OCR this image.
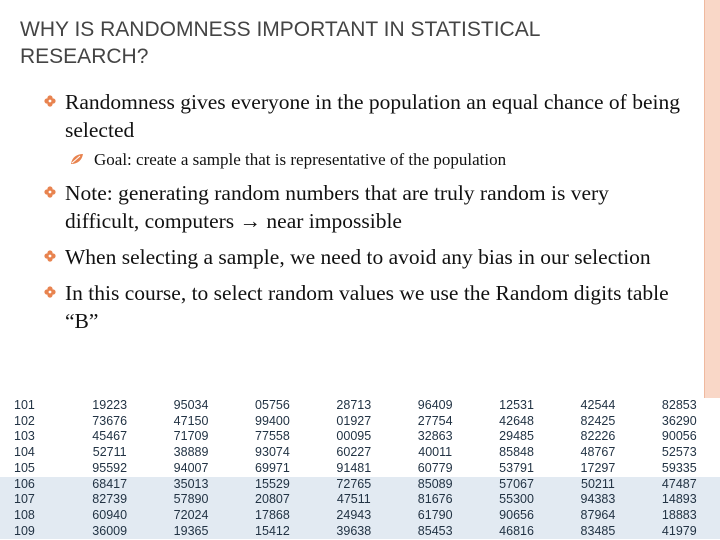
WHY IS RANDOMNESS IMPORTANT IN STATISTICAL
RESEARCH?
Randomness gives everyone in the population an equal chance of being selected
Goal: create a sample that is representative of the population
Note: generating random numbers that are truly random is very difficult, computers → near impossible
When selecting a sample, we need to avoid any bias in our selection
In this course, to select random values we use the Random digits table “B”
101	19223	95034	05756	28713	96409	12531	42544	82853
102	73676	47150	99400	01927	27754	42648	82425	36290
103	45467	71709	77558	00095	32863	29485	82226	90056
104	52711	38889	93074	60227	40011	85848	48767	52573
105	95592	94007	69971	91481	60779	53791	17297	59335
106	68417	35013	15529	72765	85089	57067	50211	47487
107	82739	57890	20807	47511	81676	55300	94383	14893
108	60940	72024	17868	24943	61790	90656	87964	18883
109	36009	19365	15412	39638	85453	46816	83485	41979
